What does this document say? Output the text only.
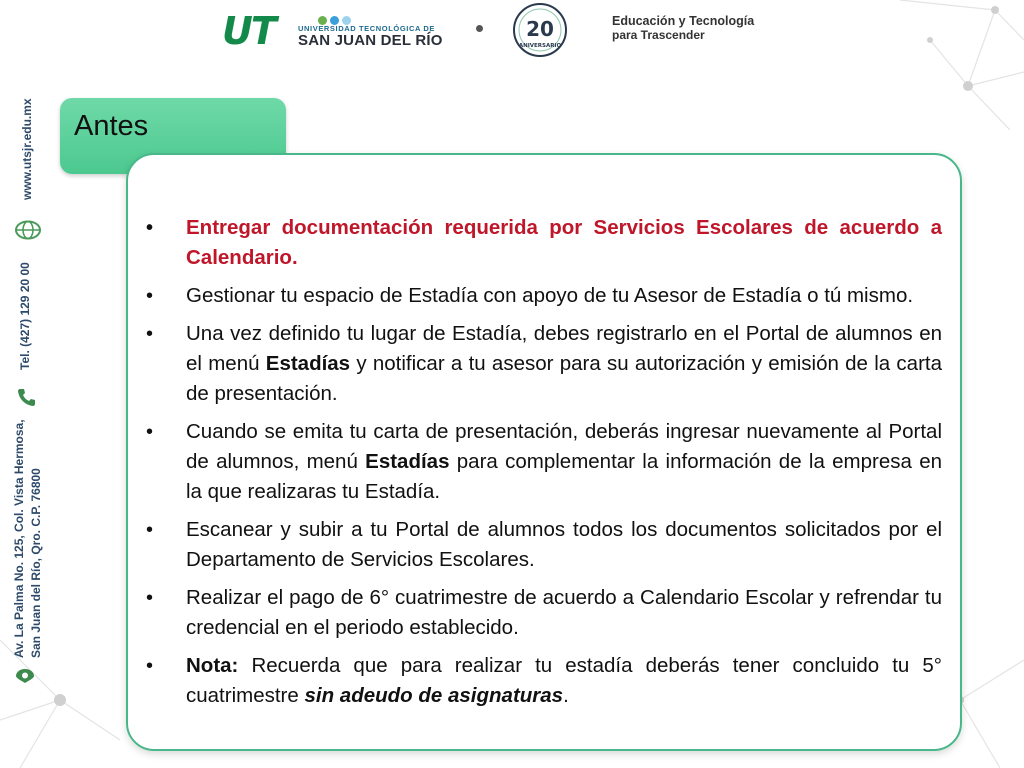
UT	UNIVERSIDAD TECNOLÓGICA DE
SAN JUAN DEL RÍO	20
ANIVERSARIO
Educación y Tecnología
para Trascender
www.utsjr.edu.mx
Tel. (427) 129 20 00
Av. La Palma No. 125, Col. Vista Hermosa, San Juan del Río, Qro. C.P. 76800
Antes
• Entregar documentación requerida por Servicios Escolares de acuerdo a Calendario.
• Gestionar tu espacio de Estadía con apoyo de tu Asesor de Estadía o tú mismo.
• Una vez definido tu lugar de Estadía, debes registrarlo en el Portal de alumnos en el menú Estadías y notificar a tu asesor para su autorización y emisión de la carta de presentación.
• Cuando se emita tu carta de presentación, deberás ingresar nuevamente al Portal de alumnos, menú Estadías para complementar la información de la empresa en la que realizaras tu Estadía.
• Escanear y subir a tu Portal de alumnos todos los documentos solicitados por el Departamento de Servicios Escolares.
• Realizar el pago de 6° cuatrimestre de acuerdo a Calendario Escolar y refrendar tu credencial en el periodo establecido.
• Nota: Recuerda que para realizar tu estadía deberás tener concluido tu 5° cuatrimestre sin adeudo de asignaturas.
